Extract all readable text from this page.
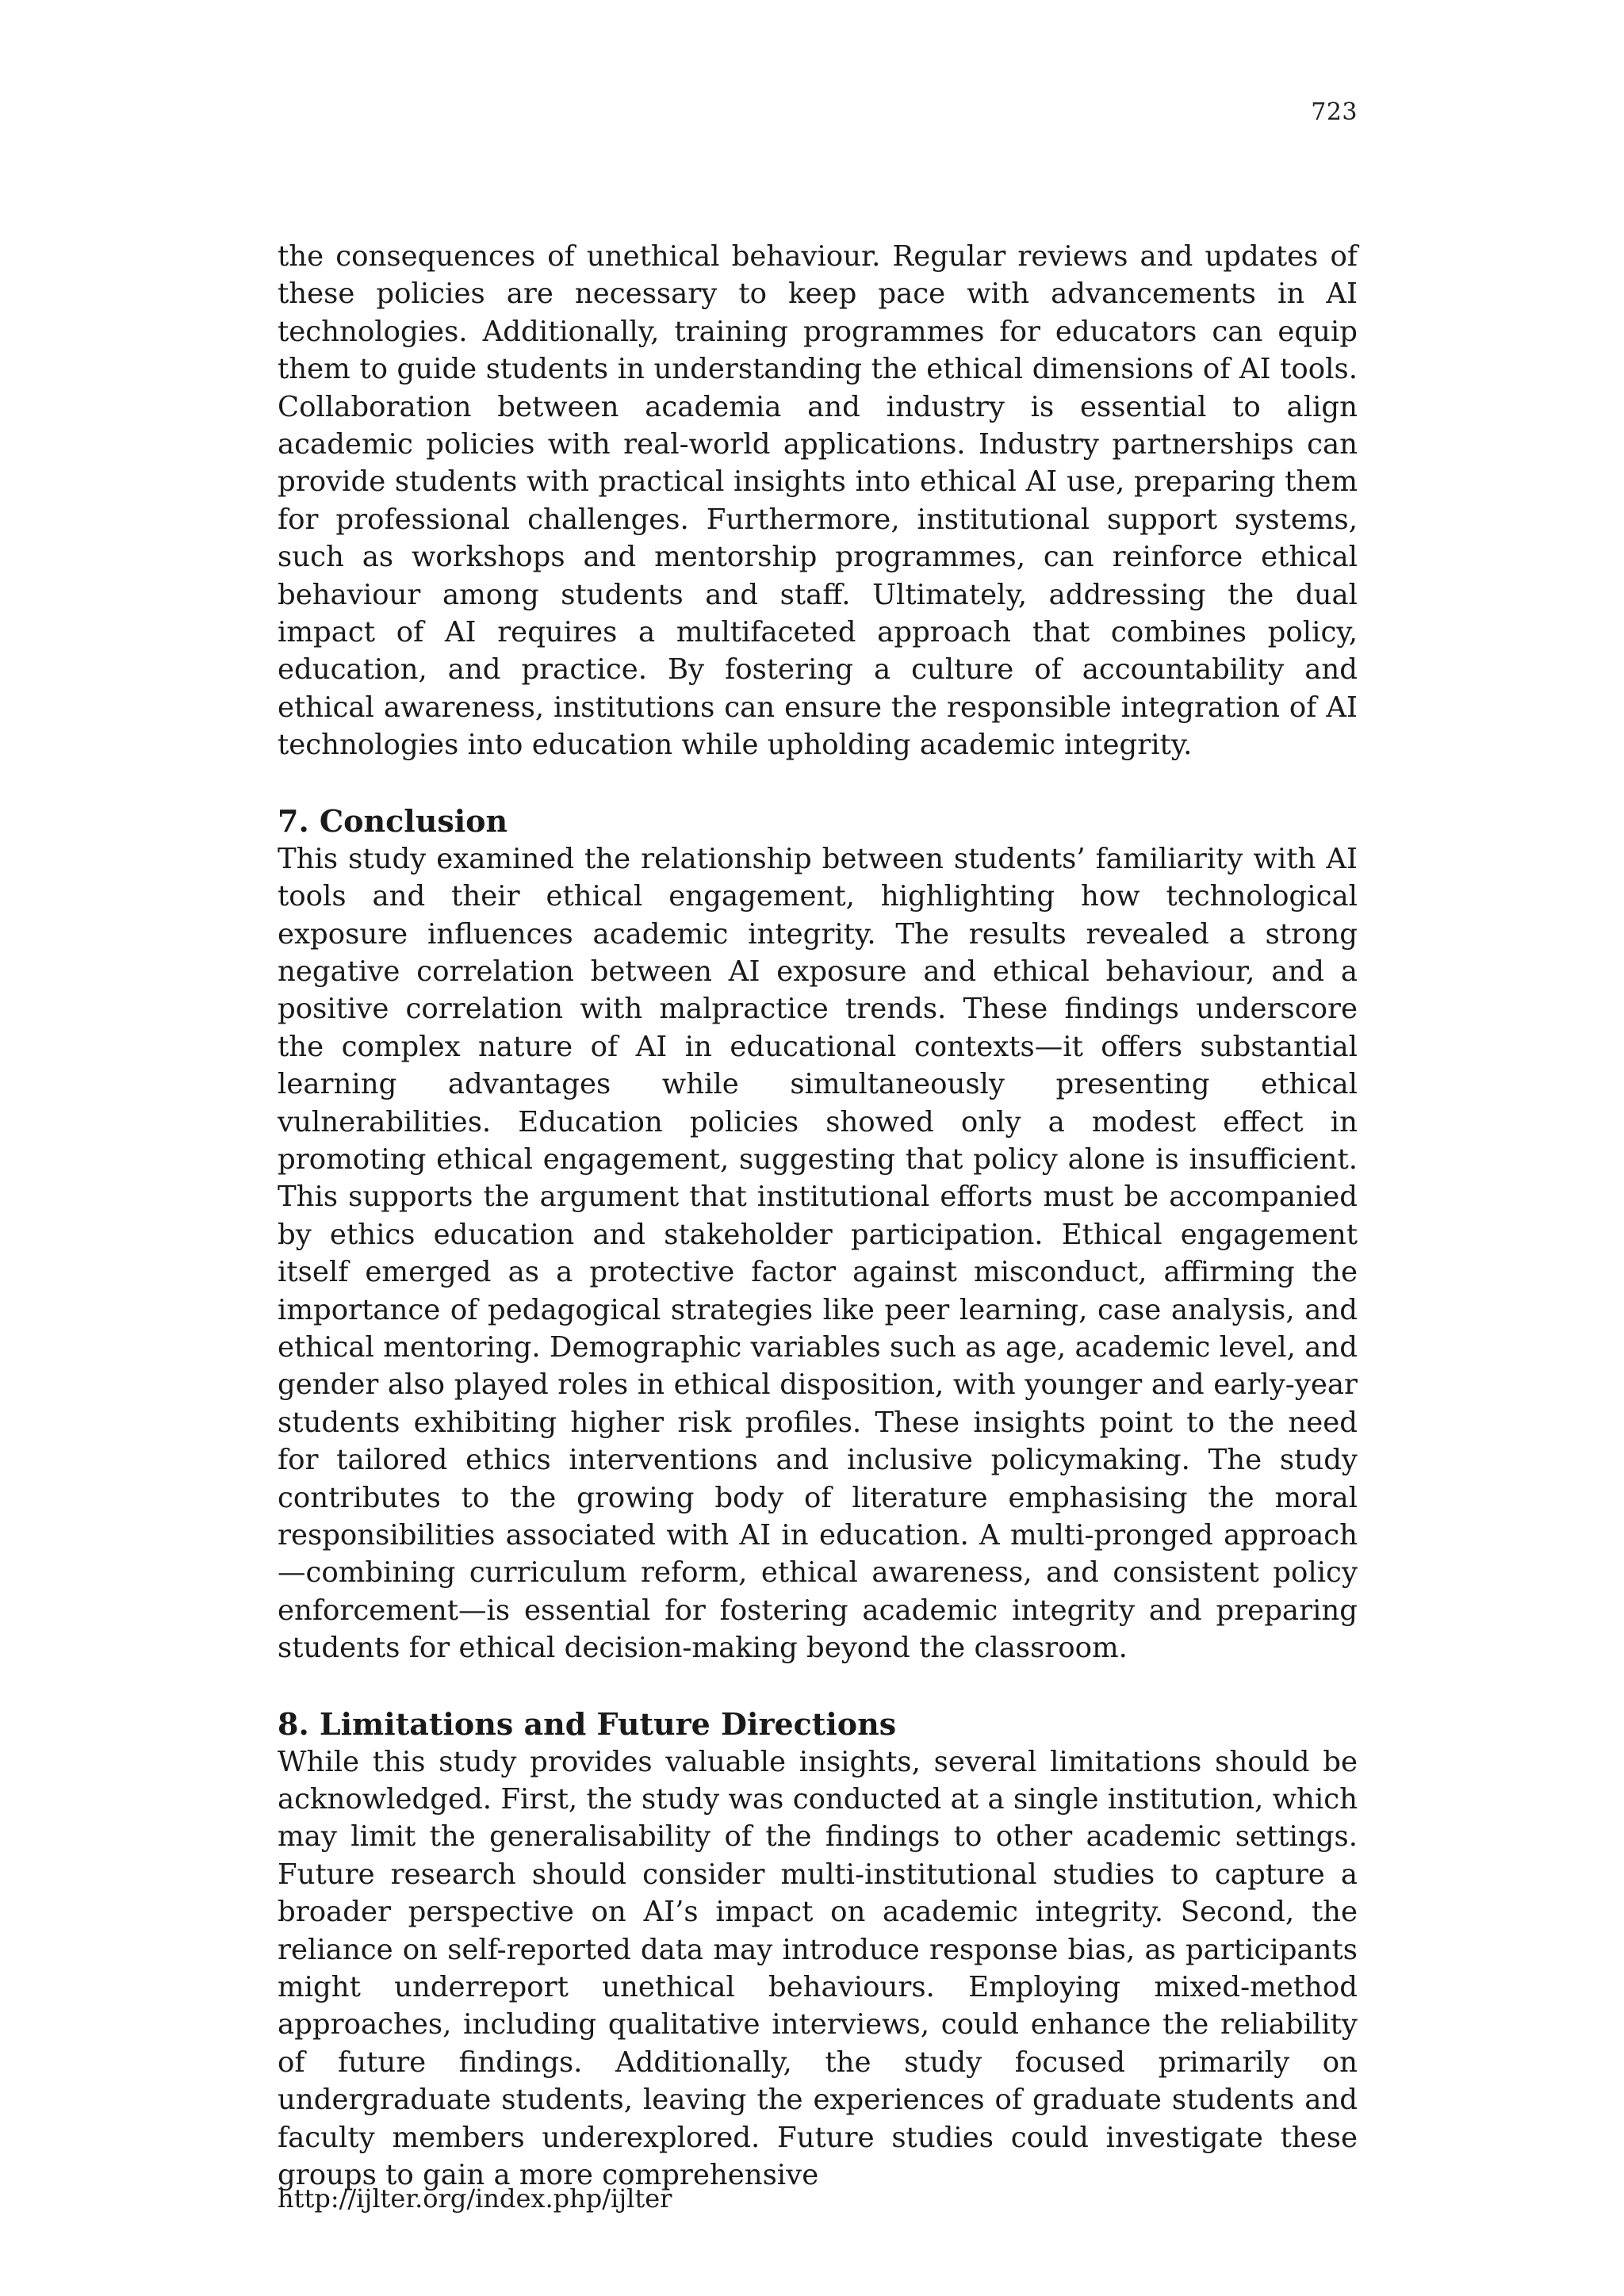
723

the consequences of unethical behaviour. Regular reviews and updates of these policies are necessary to keep pace with advancements in AI technologies. Additionally, training programmes for educators can equip them to guide students in understanding the ethical dimensions of AI tools. Collaboration between academia and industry is essential to align academic policies with real-world applications. Industry partnerships can provide students with practical insights into ethical AI use, preparing them for professional challenges. Furthermore, institutional support systems, such as workshops and mentorship programmes, can reinforce ethical behaviour among students and staff. Ultimately, addressing the dual impact of AI requires a multifaceted approach that combines policy, education, and practice. By fostering a culture of accountability and ethical awareness, institutions can ensure the responsible integration of AI technologies into education while upholding academic integrity.

7. Conclusion

This study examined the relationship between students’ familiarity with AI tools and their ethical engagement, highlighting how technological exposure influences academic integrity. The results revealed a strong negative correlation between AI exposure and ethical behaviour, and a positive correlation with malpractice trends. These findings underscore the complex nature of AI in educational contexts—it offers substantial learning advantages while simultaneously presenting ethical vulnerabilities. Education policies showed only a modest effect in promoting ethical engagement, suggesting that policy alone is insufficient. This supports the argument that institutional efforts must be accompanied by ethics education and stakeholder participation. Ethical engagement itself emerged as a protective factor against misconduct, affirming the importance of pedagogical strategies like peer learning, case analysis, and ethical mentoring. Demographic variables such as age, academic level, and gender also played roles in ethical disposition, with younger and early-year students exhibiting higher risk profiles. These insights point to the need for tailored ethics interventions and inclusive policymaking. The study contributes to the growing body of literature emphasising the moral responsibilities associated with AI in education. A multi-pronged approach—combining curriculum reform, ethical awareness, and consistent policy enforcement—is essential for fostering academic integrity and preparing students for ethical decision-making beyond the classroom.

8. Limitations and Future Directions

While this study provides valuable insights, several limitations should be acknowledged. First, the study was conducted at a single institution, which may limit the generalisability of the findings to other academic settings. Future research should consider multi-institutional studies to capture a broader perspective on AI’s impact on academic integrity. Second, the reliance on self-reported data may introduce response bias, as participants might underreport unethical behaviours. Employing mixed-method approaches, including qualitative interviews, could enhance the reliability of future findings. Additionally, the study focused primarily on undergraduate students, leaving the experiences of graduate students and faculty members underexplored. Future studies could investigate these groups to gain a more comprehensive

http://ijlter.org/index.php/ijlter
